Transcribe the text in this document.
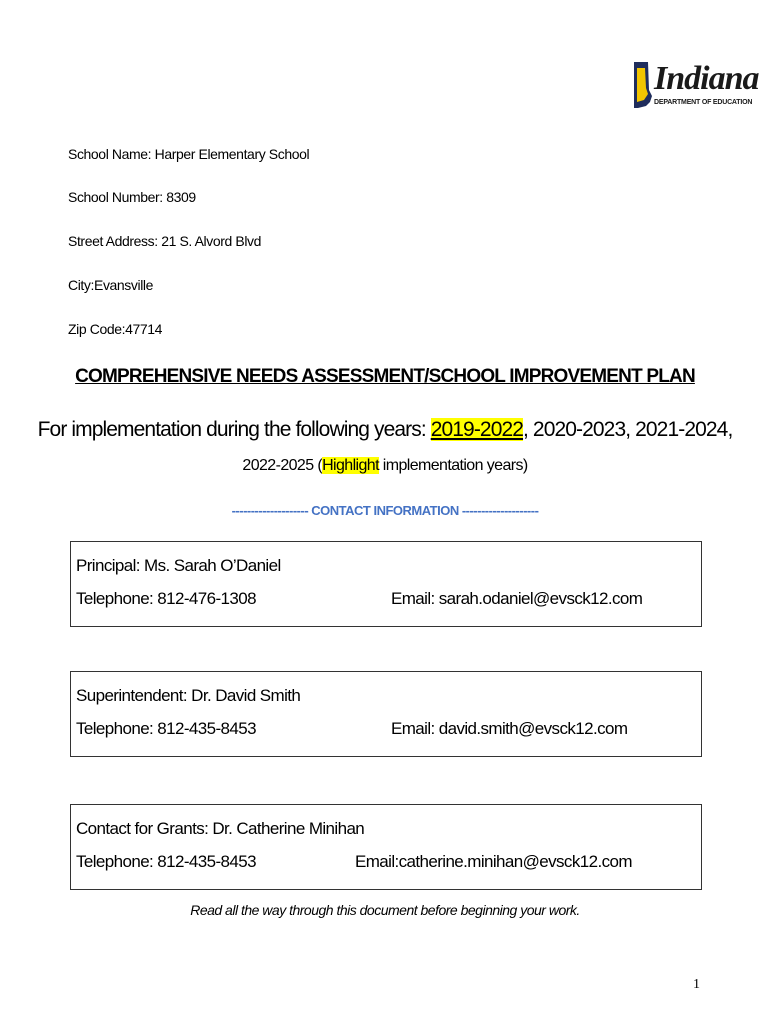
Indiana
DEPARTMENT OF EDUCATION
School Name: Harper Elementary School
School Number: 8309
Street Address: 21 S. Alvord Blvd
City:Evansville
Zip Code:47714
COMPREHENSIVE NEEDS ASSESSMENT/SCHOOL IMPROVEMENT PLAN
For implementation during the following years: 2019-2022, 2020-2023, 2021-2024,
2022-2025 (Highlight implementation years)
-------------------- CONTACT INFORMATION --------------------
Principal: Ms. Sarah O’Daniel
Telephone: 812-476-1308	Email: sarah.odaniel@evsck12.com
Superintendent: Dr. David Smith
Telephone: 812-435-8453	Email: david.smith@evsck12.com
Contact for Grants: Dr. Catherine Minihan
Telephone: 812-435-8453	Email:catherine.minihan@evsck12.com
Read all the way through this document before beginning your work.
1
